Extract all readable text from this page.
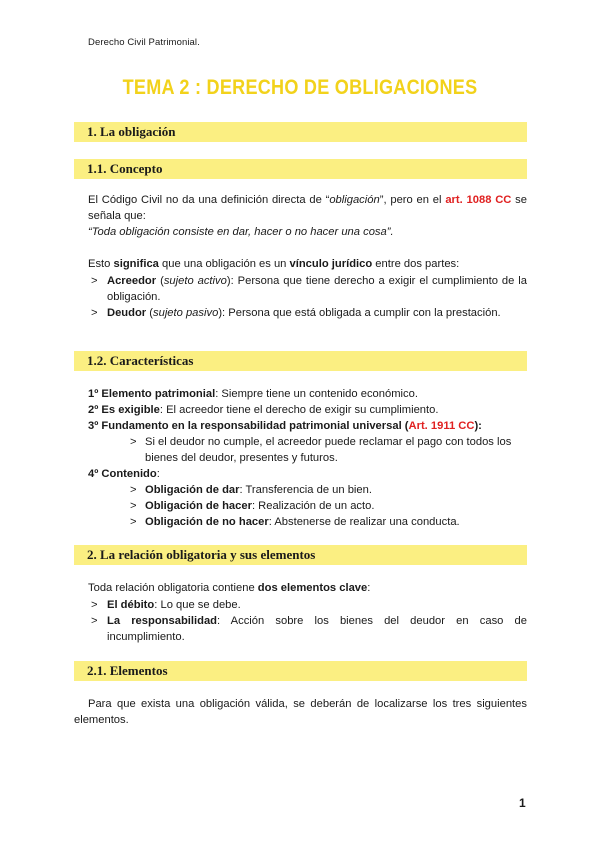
Derecho Civil Patrimonial.
TEMA 2 : DERECHO DE OBLIGACIONES
1. La obligación
1.1. Concepto
El Código Civil no da una definición directa de “obligación”, pero en el art. 1088 CC se señala que:
“Toda obligación consiste en dar, hacer o no hacer una cosa”.
Esto significa que una obligación es un vínculo jurídico entre dos partes:
> Acreedor (sujeto activo): Persona que tiene derecho a exigir el cumplimiento de la obligación.
> Deudor (sujeto pasivo): Persona que está obligada a cumplir con la prestación.
1.2. Características
1º Elemento patrimonial: Siempre tiene un contenido económico.
2º Es exigible: El acreedor tiene el derecho de exigir su cumplimiento.
3º Fundamento en la responsabilidad patrimonial universal (Art. 1911 CC):
> Si el deudor no cumple, el acreedor puede reclamar el pago con todos los bienes del deudor, presentes y futuros.
4º Contenido:
> Obligación de dar: Transferencia de un bien.
> Obligación de hacer: Realización de un acto.
> Obligación de no hacer: Abstenerse de realizar una conducta.
2. La relación obligatoria y sus elementos
Toda relación obligatoria contiene dos elementos clave:
> El débito: Lo que se debe.
> La responsabilidad: Acción sobre los bienes del deudor en caso de incumplimiento.
2.1. Elementos
Para que exista una obligación válida, se deberán de localizarse los tres siguientes elementos.
1
